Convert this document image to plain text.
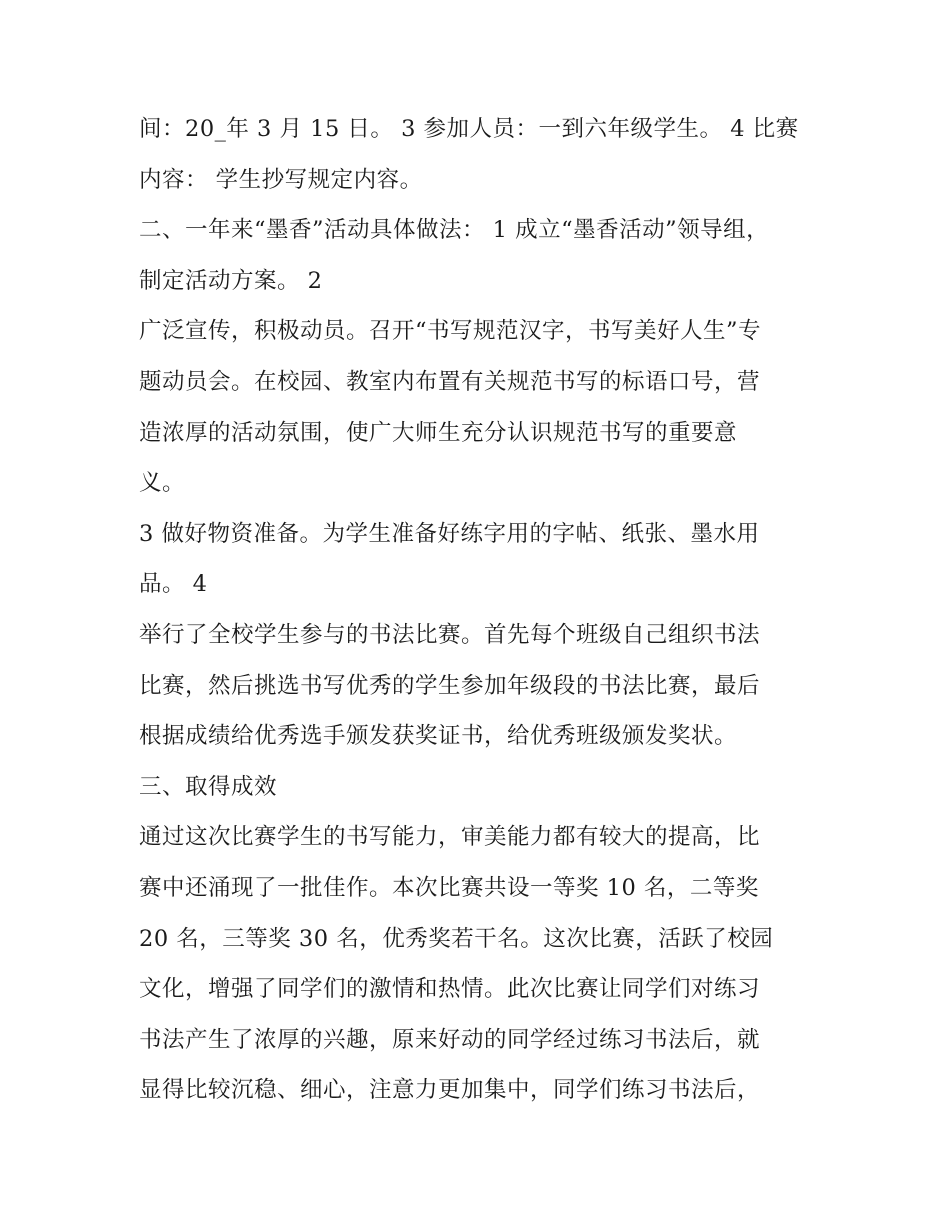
间：20_年 3 月 15 日。 3 参加人员：一到六年级学生。 4 比赛
内容： 学生抄写规定内容。
二、一年来“墨香”活动具体做法： 1 成立“墨香活动”领导组，
制定活动方案。 2
广泛宣传，积极动员。召开“书写规范汉字，书写美好人生”专
题动员会。在校园、教室内布置有关规范书写的标语口号，营
造浓厚的活动氛围，使广大师生充分认识规范书写的重要意
义。
3 做好物资准备。为学生准备好练字用的字帖、纸张、墨水用
品。 4
举行了全校学生参与的书法比赛。首先每个班级自己组织书法
比赛，然后挑选书写优秀的学生参加年级段的书法比赛，最后
根据成绩给优秀选手颁发获奖证书，给优秀班级颁发奖状。
三、取得成效
通过这次比赛学生的书写能力，审美能力都有较大的提高，比
赛中还涌现了一批佳作。本次比赛共设一等奖 10 名，二等奖
20 名，三等奖 30 名，优秀奖若干名。这次比赛，活跃了校园
文化，增强了同学们的激情和热情。此次比赛让同学们对练习
书法产生了浓厚的兴趣，原来好动的同学经过练习书法后，就
显得比较沉稳、细心，注意力更加集中，同学们练习书法后，
